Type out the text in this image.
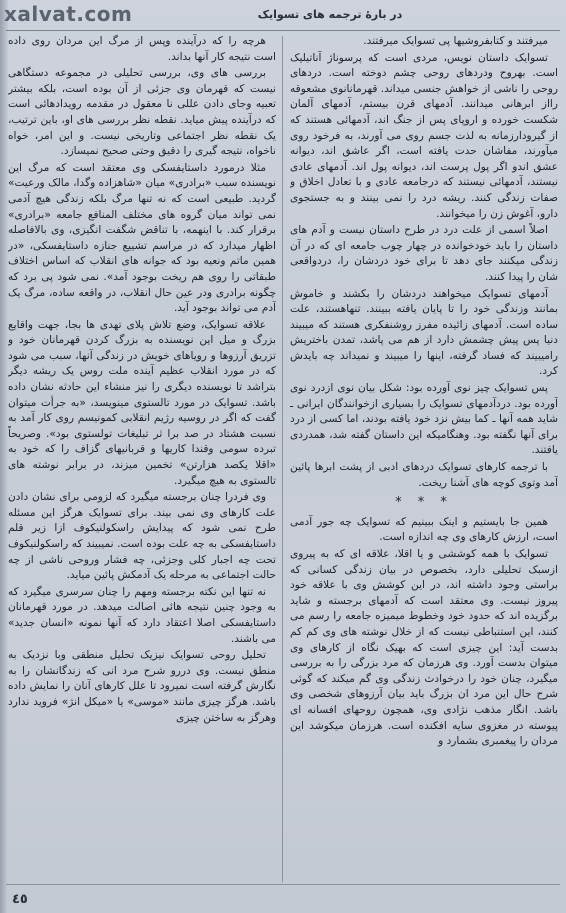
xalvat.com	در بارهٔ ترجمه های تسوایک

میرفتند و کتابفروشیها پی تسوایک میرفتند.

تسوایک داستان نویس، مردی است که پرسوناژ آناتیلیک است. بهروح ودردهای روحی چشم دوخته است. دردهای روحی را ناشی از خواهش جنسی میداند. قهرمانانوی مشعوقه رااز ابرهانی میدانند. آدمهای قرن بیستم، آدمهای آلمان شکست خورده و اروپای پس از جنگ اند، آدمهائی هستند که از گیرودارزمانه به لذت جسم روی می آورند، به فرخود روی میآورند، مفاشان حدت یافته است، اگر عاشق اند، دیوانه عشق اندو اگر پول پرست اند، دیوانه پول اند. آدمهای عادی نیستند، آدمهائی نیستند که درجامعه عادی و با تعادل اخلاق و صفات زندگی کنند. ریشه درد را نمی بینند و به جستجوی دارو، آغوش زن را میخوانند.

اصلاً اسمی از علت درد در طرح داستان نیست و آدم های داستان را باید خودخوانده در چهار چوب جامعه ای که در آن زندگی میکنند جای دهد تا برای خود دردشان را، دردواقعی شان را پیدا کنند.

آدمهای تسوایک میخواهند دردشان را بکشند و خاموش بمانند وزندگی خود را تا پایان یافته ببینند. تنهاهستند، علت ساده است. آدمهای زائیده مفرز روشنفکری هستند که میبیند دنیا پس پیش چشمش دارد از هم می پاشد، تمدن باختریش رامیبیند که فساد گرفته، اینها را میبیند و نمیداند چه بایدش کرد.

پس تسوایک چیز نوی آورده بود: شکل بیان نوی ازدرد نوی آورده بود. دردآدمهای تسوایک را بسیاری ازخوانندگان ایرانی ـ شاید همه آنها ـ کما بیش نزد خود یافته بودند، اما کسی از درد برای آنها نگفته بود. وهنگامیکه این داستان گفته شد، همدردی یافتند.

با ترجمه کارهای تسوایک دردهای ادبی از پشت ابرها پائین آمد وتوی کوچه های آشنا ریخت.

* * *

همین جا بایستیم و اینک ببینیم که تسوایک چه جور آدمی است، ارزش کارهای وی چه اندازه است.

تسوایک با همه کوششی و یا اقلا، علاقه ای که به پیروی ازسبک تحلیلی دارد، بخصوص در بیان زندگی کسانی که براستی وجود داشته اند، در این کوشش وی با علاقه خود پیروز نیست. وی معتقد است که آدمهای برجسته و شاید برگزیده اند که حدود خود وخطوط میمیزه جامعه را رسم می کنند، این استنباطی نیست که از خلال نوشته های وی کم کم بدست آید: این چیزی است که بهیک نگاه از کارهای وی میتوان بدست آورد. وی هرزمان که مرد بزرگی را به بررسی میگیرد، چنان خود را درخوادث زندگی وی گم میکند که گوئی شرح حال این مرد ان بزرگ باید بیان آرزوهای شخصی وی باشد. انگار مذهب نژادی وی، همچون روحهای افسانه ای پیوسته در مغزوی سایه افکنده است. هرزمان میکوشد این مردان را پیغمبری بشمارد و

هرچه را که درآینده وپس از مرگ این مردان روی داده است نتیجه کار آنها بداند.

بررسی های وی، بررسی تحلیلی در مجموعه دستگاهی نیست که قهرمان وی جزئی از آن بوده است، بلکه بیشتر تعبیه وجای دادن عللی نا معقول در مقدمه رویدادهائی است که درآینده پیش میاید. نقطه نظر بررسی های او، باین ترتیب، یک نقطه نظر اجتماعی وتاریخی نیست. و این امر، خواه ناخواه، نتیجه گیری را دقیق وحتی صحیح نمیسازد.

مثلا درمورد داستایفسکی وی معتقد است که مرگ این نویسنده سبب «برادری» میان «شاهزاده وگدا، مالک ورعیت» گردید. طبیعی است که نه تنها مرگ بلکه زندگی هیچ آدمی نمی تواند میان گروه های مختلف المنافع جامعه «برادری» برقرار کند. با اینهمه، با تناقض شگفت انگیزی، وی بالافاصله اظهار میدارد که در مراسم تشییع جنازه داستایفسکی، «در همین ماتم ونعیه بود که جوانه های انقلاب که اساس اختلاف طبقاتی را روی هم ریخت بوجود آمد». نمی شود پی برد که چگونه برادری ودر عین حال انقلاب، در واقعه ساده، مرگ یک آدم می تواند بوجود آید.

علاقه تسوایک، وضع تلاش پلای تهدی ها بجا، جهت واقایع بزرگ و میل این نویسنده به بزرگ کردن قهرمانان خود و تزریق آرزوها و رویاهای خویش در زندگی آنها، سبب می شود که در مورد انقلاب عظیم آینده ملت روس یک ریشه دیگر بتراشد تا نویسنده دیگری را نیز منشاء این حادثه نشان داده باشد. تسوایک در مورد تالستوی مینویسد، «به جرأت میتوان گفت که اگر در روسیه رژیم انقلابی کمونیسم روی کار آمد به نسبت هشتاد در صد برا ثر تبلیغات تولستوی بود». وصریحاً تبرده سومی وقندا کاریها و قربانیهای گزاف را که خود به «اقلا یکصد هزارتن» تخمین میزند، در برابر نوشته های تالستوی به هیچ میگیرد.

وی فردرا چنان برجسته میگیرد که لزومی برای نشان دادن علت کارهای وی نمی بیند. برای تسوایک هرگز این مسئله طرح نمی شود که پیدایش راسکولنیکوف ازا زیر قلم داستایفسکی به چه علت بوده است. نمیبیند که راسکولنیکوف تحت چه اجبار کلی وجزئی، چه فشار وروحی ناشی از چه حالت اجتماعی به مرحله یک آدمکش پائین میاید.

نه تنها این نکته برجسته ومهم را چنان سرسری میگیرد که به وجود چنین نتیجه هائی اصالت میدهد. در مورد قهرمانان داستایفسکی اصلا اعتقاد دارد که آنها نمونه «انسان جدید» می باشند.

تحلیل روحی تسوایک نیزیک تحلیل منطقی وبا نزدیک به منطق نیست. وی دررو شرح مرد انی که زندگانشان را به نگارش گرفته است نمیرود تا علل کارهای آنان را نمایش داده باشد. هرگز چیزی مانند «موسی» یا «میکل انژ» فروید ندارد وهرگز به ساختن چیزی

٤٥
